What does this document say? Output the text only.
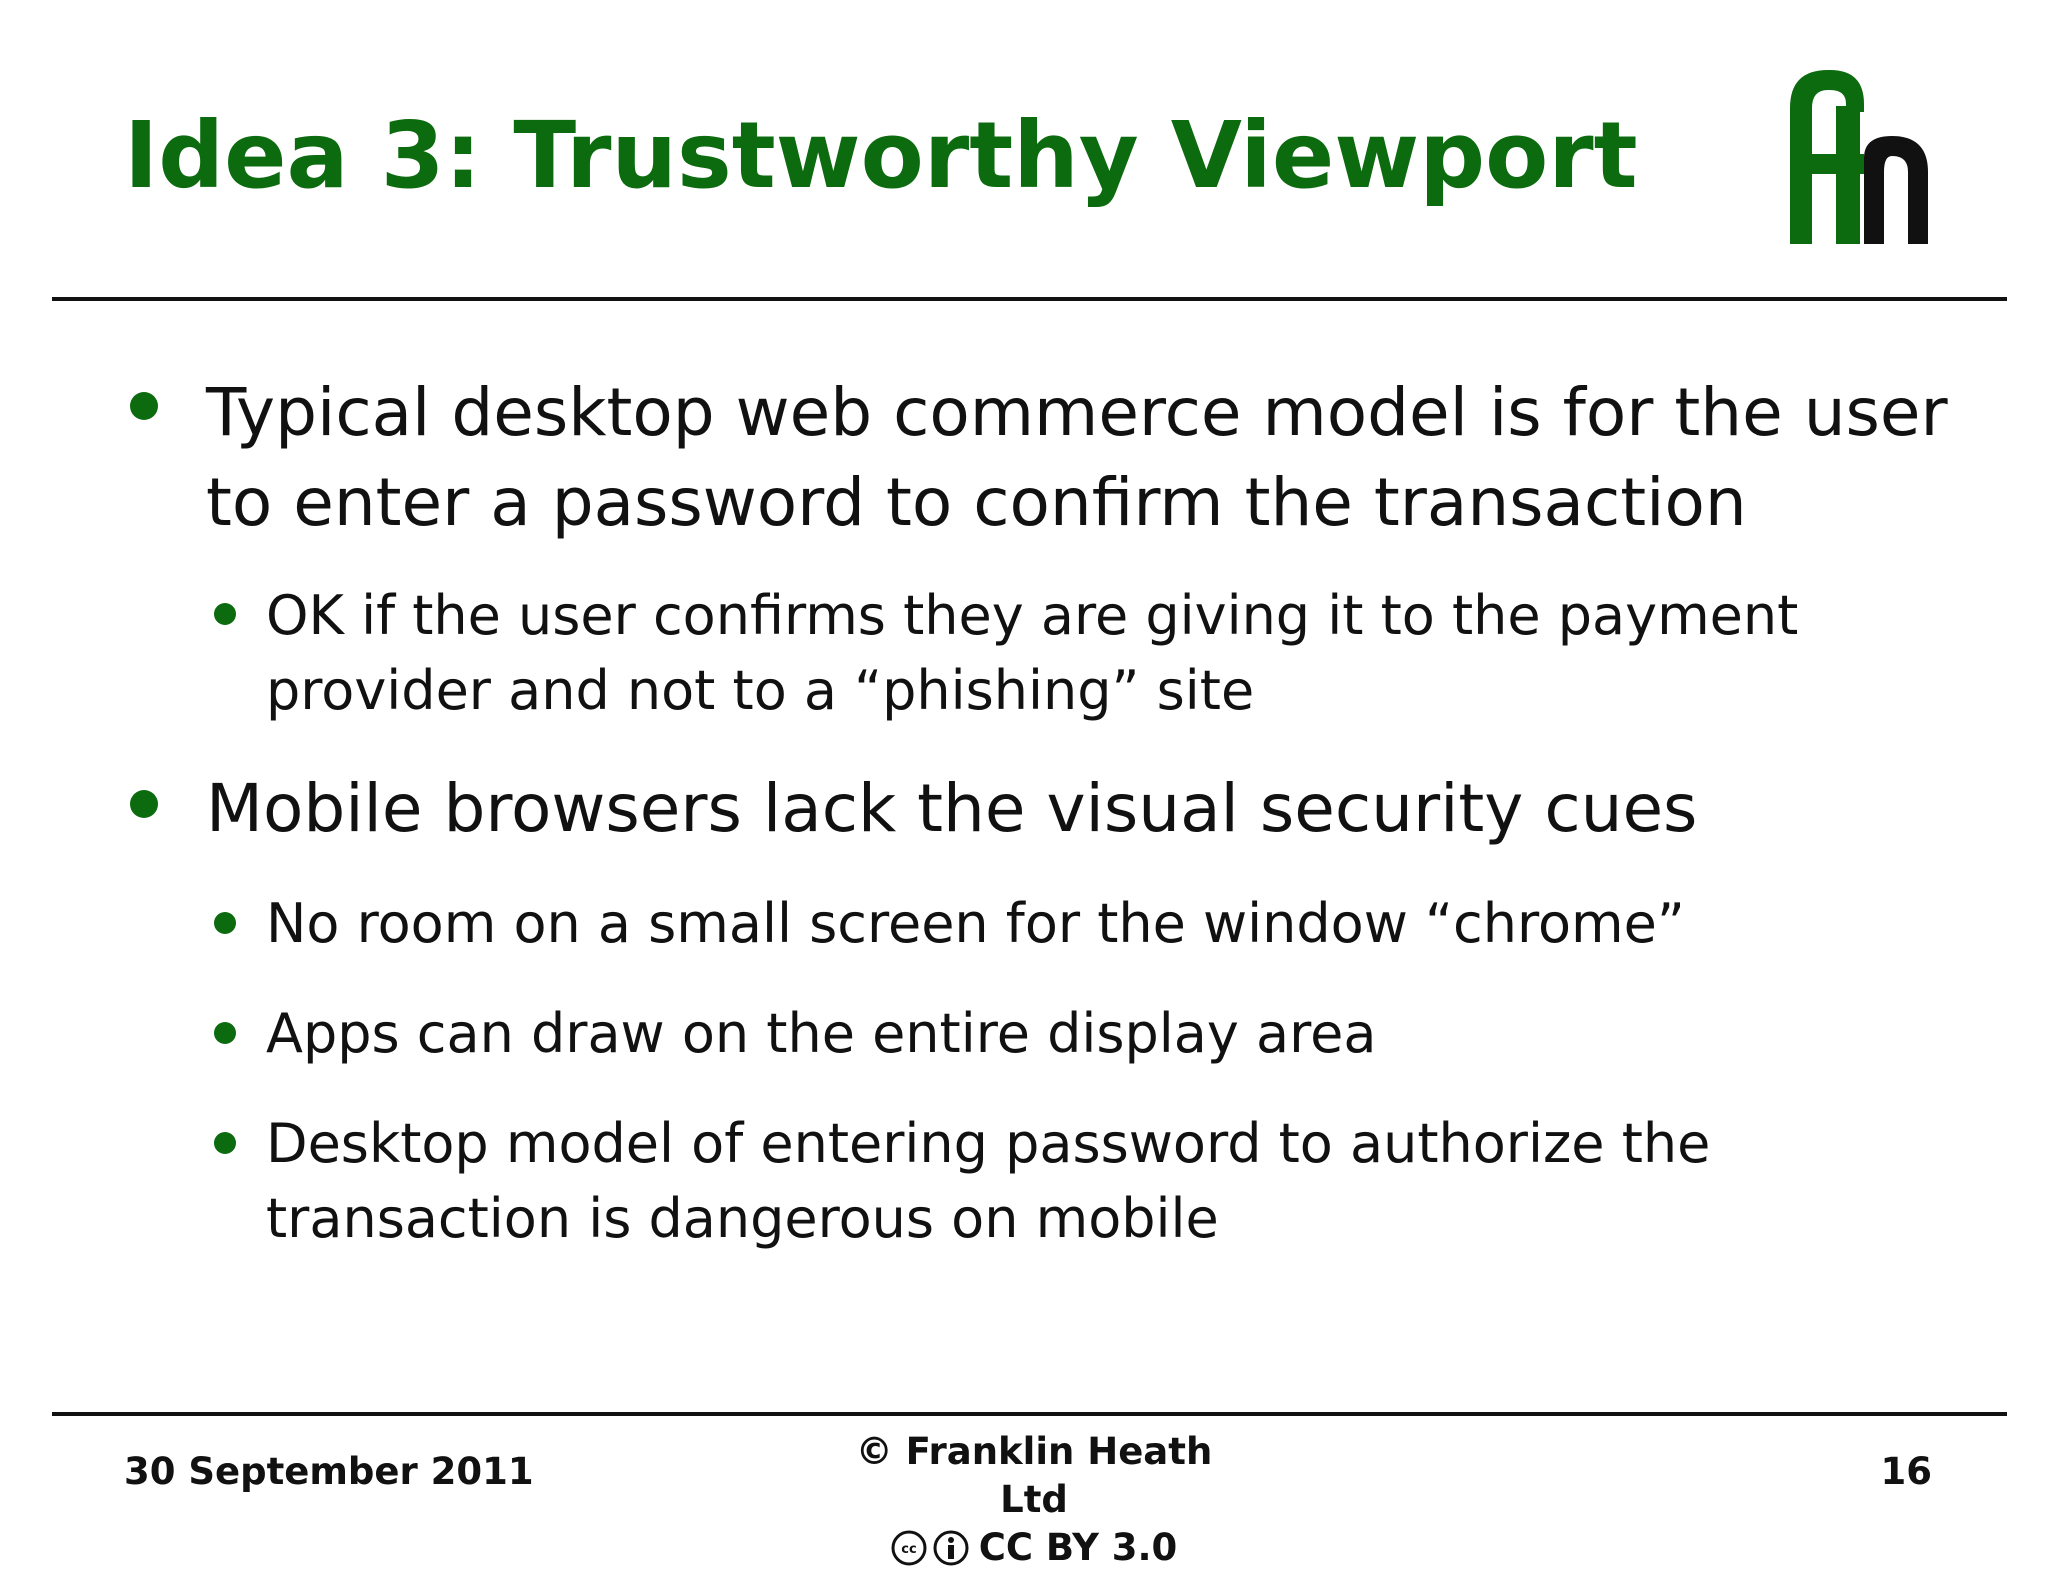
Idea 3: Trustworthy Viewport
Typical desktop web commerce model is for the user to enter a password to confirm the transaction
OK if the user confirms they are giving it to the payment provider and not to a “phishing” site
Mobile browsers lack the visual security cues
No room on a small screen for the window “chrome”
Apps can draw on the entire display area
Desktop model of entering password to authorize the transaction is dangerous on mobile
30 September 2011	© Franklin Heath Ltd
cc CC BY 3.0
16
